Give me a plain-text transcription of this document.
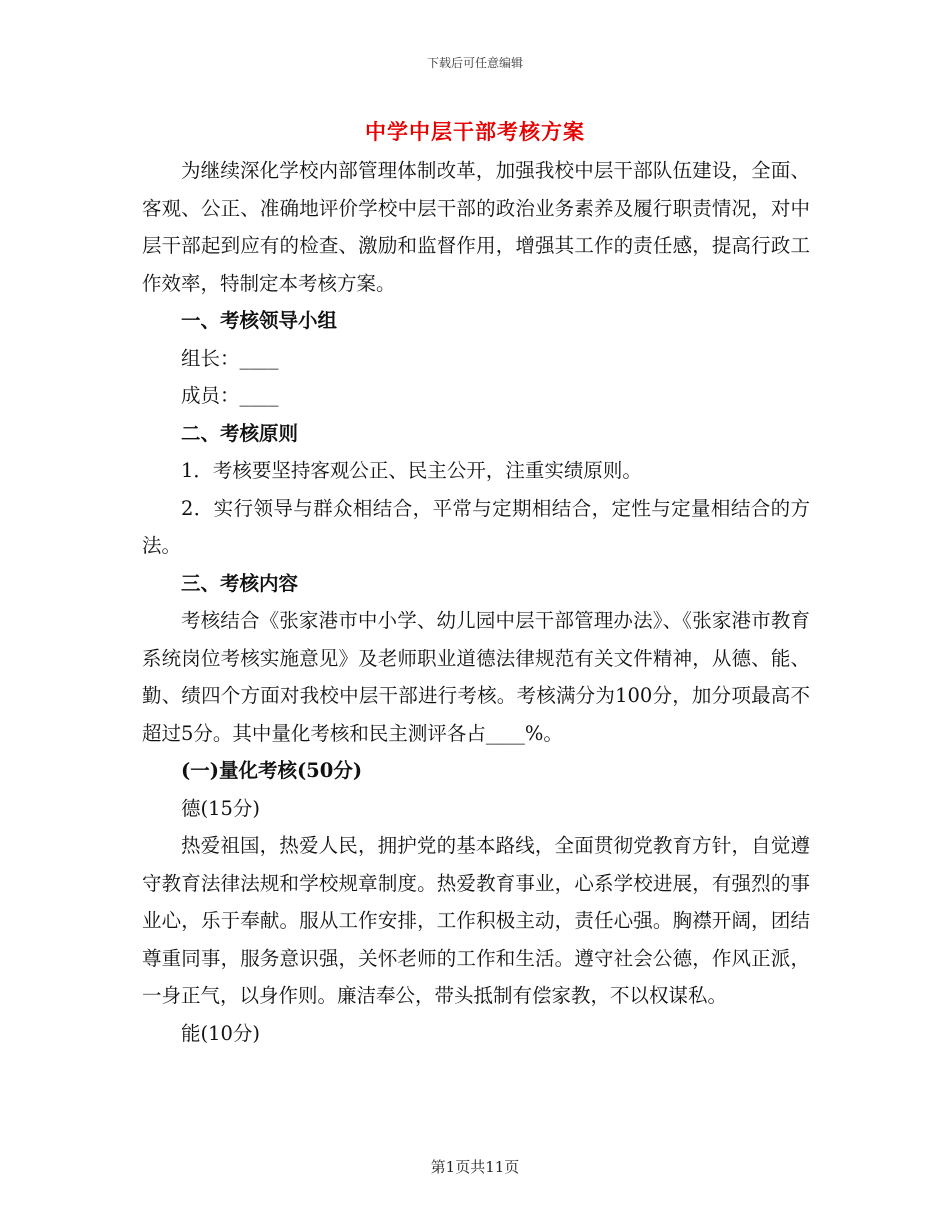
下载后可任意编辑
中学中层干部考核方案

为继续深化学校内部管理体制改革，加强我校中层干部队伍建设，全面、客观、公正、准确地评价学校中层干部的政治业务素养及履行职责情况，对中层干部起到应有的检查、激励和监督作用，增强其工作的责任感，提高行政工作效率，特制定本考核方案。

一、考核领导小组

组长：____

成员：____

二、考核原则

1．考核要坚持客观公正、民主公开，注重实绩原则。

2．实行领导与群众相结合，平常与定期相结合，定性与定量相结合的方法。

三、考核内容

考核结合《张家港市中小学、幼儿园中层干部管理办法》、《张家港市教育系统岗位考核实施意见》及老师职业道德法律规范有关文件精神，从德、能、勤、绩四个方面对我校中层干部进行考核。考核满分为100分，加分项最高不超过5分。其中量化考核和民主测评各占____%。

(一)量化考核(50分)

德(15分)

热爱祖国，热爱人民，拥护党的基本路线，全面贯彻党教育方针，自觉遵守教育法律法规和学校规章制度。热爱教育事业，心系学校进展，有强烈的事业心，乐于奉献。服从工作安排，工作积极主动，责任心强。胸襟开阔，团结尊重同事，服务意识强，关怀老师的工作和生活。遵守社会公德，作风正派，一身正气，以身作则。廉洁奉公，带头抵制有偿家教，不以权谋私。

能(10分)

第1页共11页
